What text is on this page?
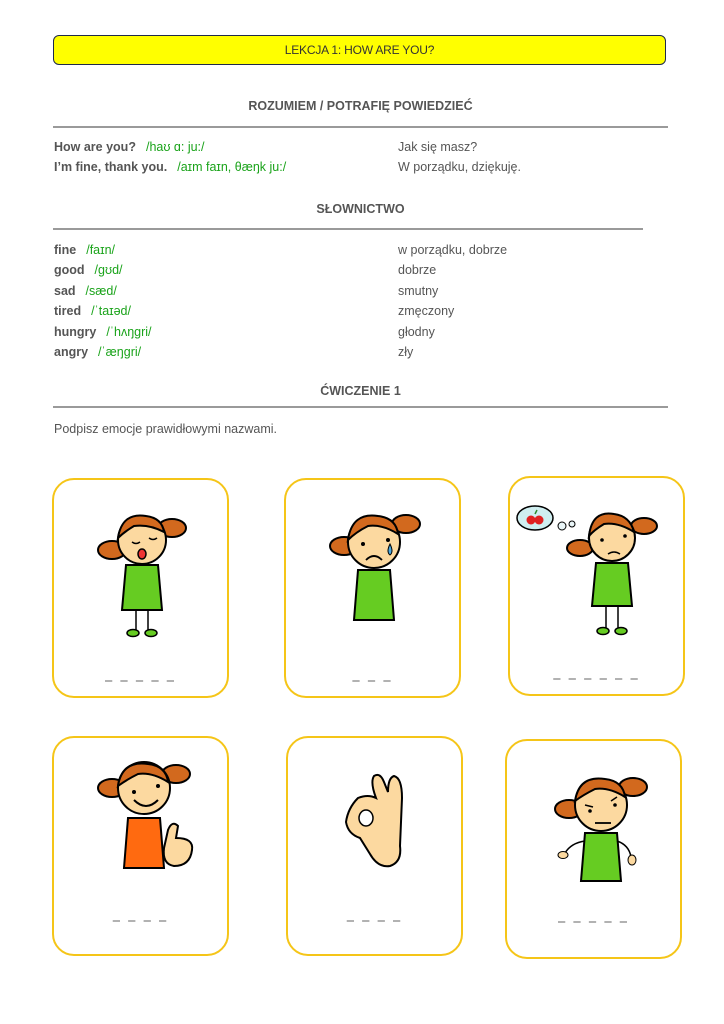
LEKCJA 1: HOW ARE YOU?
ROZUMIEM / POTRAFIĘ POWIEDZIEĆ
How are you? /haʊ ɑ: ju:/	Jak się masz?
I’m fine, thank you. /aɪm faɪn, θæŋk ju:/	W porządku, dziękuję.
SŁOWNICTWO
fine /faɪn/	w porządku, dobrze
good /gʊd/	dobrze
sad /sæd/	smutny
tired /ˈtaɪəd/	zmęczony
hungry /ˈhʌŋgri/	głodny
angry /ˈæŋgri/	zły
ĆWICZENIE 1
Podpisz emocje prawidłowymi nazwami.
_ _ _ _ _	_ _ _	_ _ _ _ _ _
_ _ _ _	_ _ _ _	_ _ _ _ _
